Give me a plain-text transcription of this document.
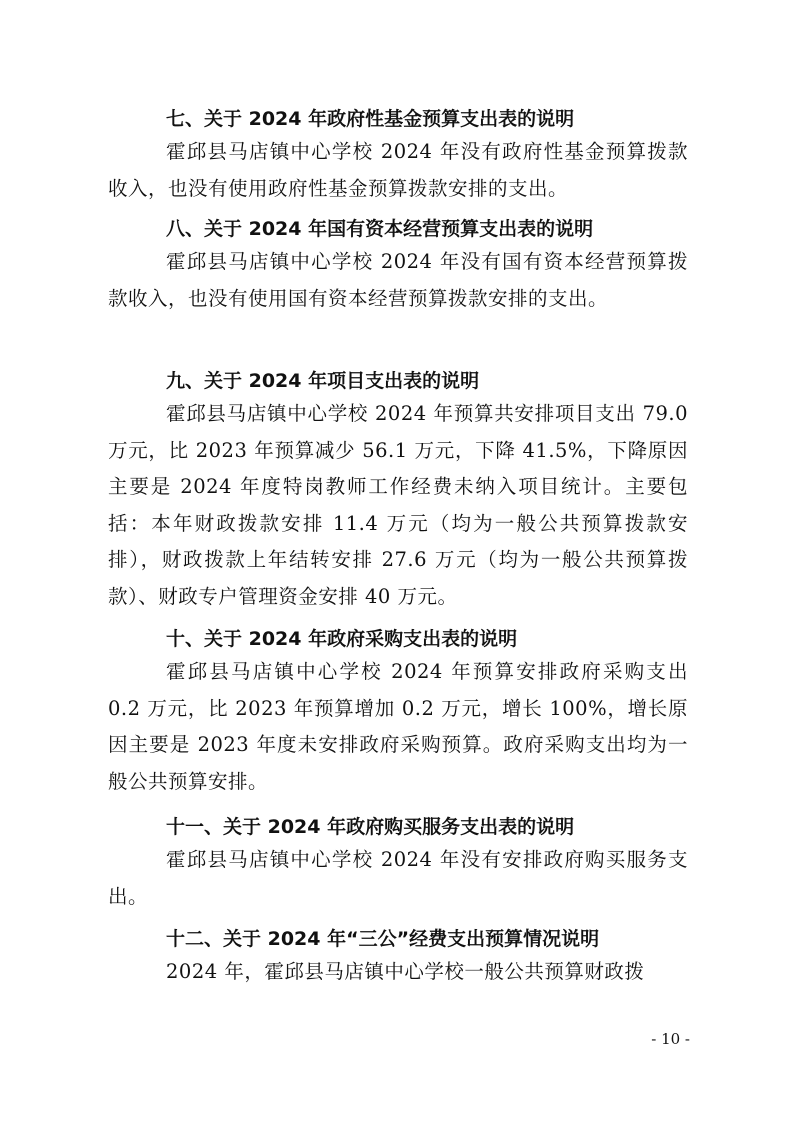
七、关于 2024 年政府性基金预算支出表的说明
霍邱县马店镇中心学校 2024 年没有政府性基金预算拨款收入，也没有使用政府性基金预算拨款安排的支出。
八、关于 2024 年国有资本经营预算支出表的说明
霍邱县马店镇中心学校 2024 年没有国有资本经营预算拨款收入，也没有使用国有资本经营预算拨款安排的支出。
九、关于 2024 年项目支出表的说明
霍邱县马店镇中心学校 2024 年预算共安排项目支出 79.0 万元，比 2023 年预算减少 56.1 万元，下降 41.5%，下降原因主要是 2024 年度特岗教师工作经费未纳入项目统计。主要包括：本年财政拨款安排 11.4 万元（均为一般公共预算拨款安排），财政拨款上年结转安排 27.6 万元（均为一般公共预算拨款）、财政专户管理资金安排 40 万元。
十、关于 2024 年政府采购支出表的说明
霍邱县马店镇中心学校 2024 年预算安排政府采购支出 0.2 万元，比 2023 年预算增加 0.2 万元，增长 100%，增长原因主要是 2023 年度未安排政府采购预算。政府采购支出均为一般公共预算安排。
十一、关于 2024 年政府购买服务支出表的说明
霍邱县马店镇中心学校 2024 年没有安排政府购买服务支出。
十二、关于 2024 年“三公”经费支出预算情况说明
2024 年，霍邱县马店镇中心学校一般公共预算财政拨
- 10 -
